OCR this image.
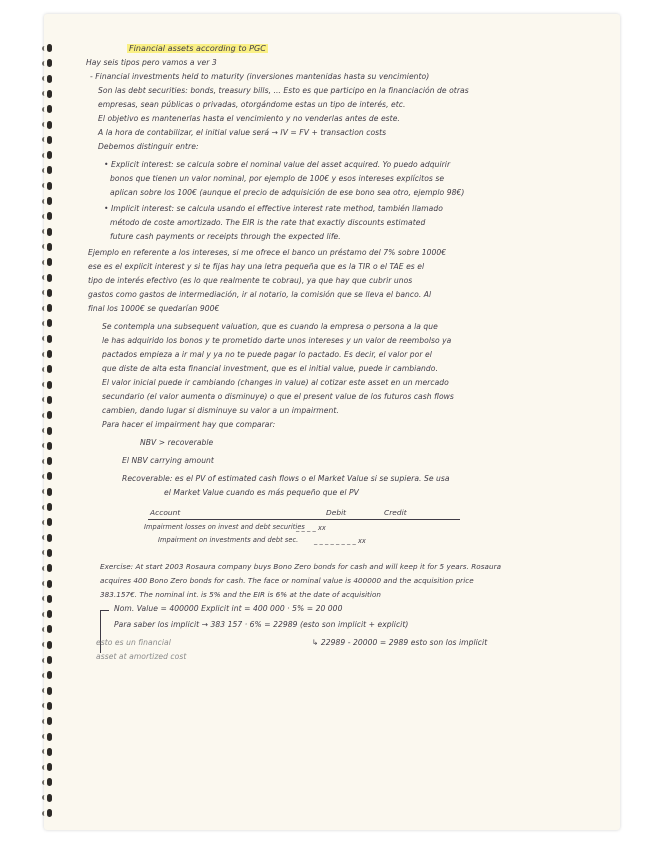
Financial assets according to PGC
Hay seis tipos pero vamos a ver 3
- Financial investments held to maturity (inversiones mantenidas hasta su vencimiento)
Son las debt securities: bonds, treasury bills, ... Esto es que participo en la financiación de otras
empresas, sean públicas o privadas, otorgándome estas un tipo de interés, etc.
El objetivo es mantenerlas hasta el vencimiento y no venderlas antes de este.
A la hora de contabilizar, el initial value será → IV = FV + transaction costs
Debemos distinguir entre:
• Explicit interest: se calcula sobre el nominal value del asset acquired. Yo puedo adquirir
bonos que tienen un valor nominal, por ejemplo de 100€ y esos intereses explícitos se
aplican sobre los 100€ (aunque el precio de adquisición de ese bono sea otro, ejemplo 98€)
• Implicit interest: se calcula usando el effective interest rate method, también llamado
método de coste amortizado. The EIR is the rate that exactly discounts estimated
future cash payments or receipts through the expected life.
Ejemplo en referente a los intereses, si me ofrece el banco un préstamo del 7% sobre 1000€
ese es el explicit interest y si te fijas hay una letra pequeña que es la TIR o el TAE es el
tipo de interés efectivo (es lo que realmente te cobrau), ya que hay que cubrir unos
gastos como gastos de intermediación, ir al notario, la comisión que se lleva el banco. Al
final los 1000€ se quedarían 900€
Se contempla una subsequent valuation, que es cuando la empresa o persona a la que
le has adquirido los bonos y te prometido darte unos intereses y un valor de reembolso ya
pactados empieza a ir mal y ya no te puede pagar lo pactado. Es decir, el valor por el
que diste de alta esta financial investment, que es el initial value, puede ir cambiando.
El valor inicial puede ir cambiando (changes in value) al cotizar este asset en un mercado
secundario (el valor aumenta o disminuye) o que el present value de los futuros cash flows
cambien, dando lugar si disminuye su valor a un impairment.
Para hacer el impairment hay que comparar:
NBV > recoverable
El NBV carrying amount
Recoverable: es el PV of estimated cash flows o el Market Value si se supiera. Se usa
el Market Value cuando es más pequeño que el PV
Account	Debit	Credit
Impairment losses on invest and debt securities
_ _ _ _ xx
Impairment on investments and debt sec. _ _ _ _ _ _ _ _ xx
Exercise: At start 2003 Rosaura company buys Bono Zero bonds for cash and will keep it for 5 years. Rosaura
acquires 400 Bono Zero bonds for cash. The face or nominal value is 400000 and the acquisition price
383.157€. The nominal int. is 5% and the EIR is 6% at the date of acquisition
Nom. Value = 400000 Explicit int = 400 000 · 5% = 20 000
Para saber los implicit → 383 157 · 6% = 22989 (esto son implicit + explicit)
↳ 22989 - 20000 = 2989 esto son los implicit
esto es un financial
asset at amortized cost
